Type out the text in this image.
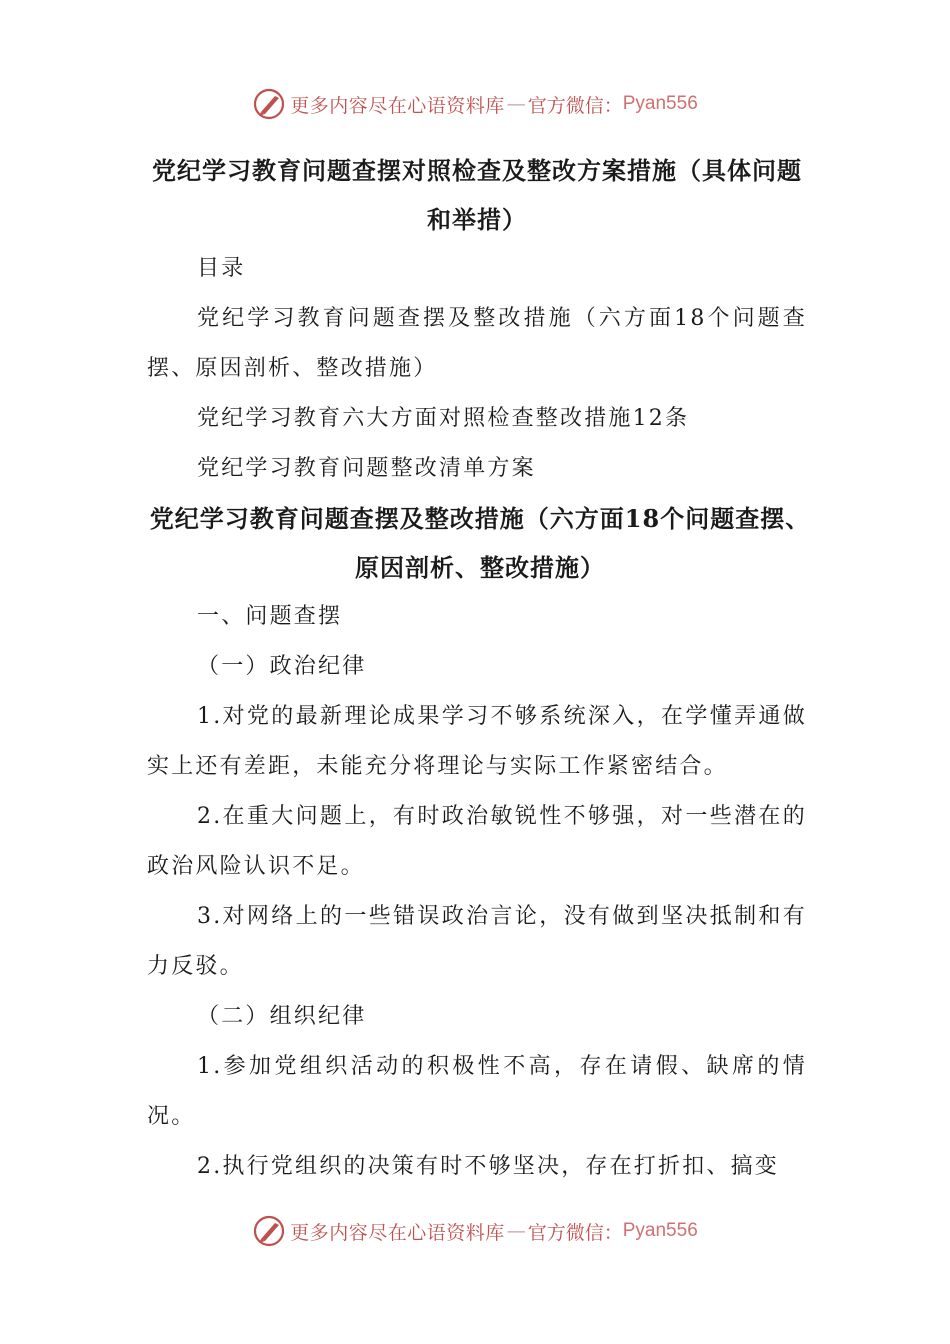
更多内容尽在心语资料库 — 官方微信： Pyan556

党纪学习教育问题查摆对照检查及整改方案措施（具体问题和举措）

目录

党纪学习教育问题查摆及整改措施（六方面18个问题查摆、原因剖析、整改措施）

党纪学习教育六大方面对照检查整改措施12条

党纪学习教育问题整改清单方案

党纪学习教育问题查摆及整改措施（六方面18个问题查摆、原因剖析、整改措施）

一、问题查摆

（一）政治纪律

1.对党的最新理论成果学习不够系统深入，在学懂弄通做实上还有差距，未能充分将理论与实际工作紧密结合。

2.在重大问题上，有时政治敏锐性不够强，对一些潜在的政治风险认识不足。

3.对网络上的一些错误政治言论，没有做到坚决抵制和有力反驳。

（二）组织纪律

1.参加党组织活动的积极性不高，存在请假、缺席的情况。

2.执行党组织的决策有时不够坚决，存在打折扣、搞变

更多内容尽在心语资料库 — 官方微信： Pyan556
